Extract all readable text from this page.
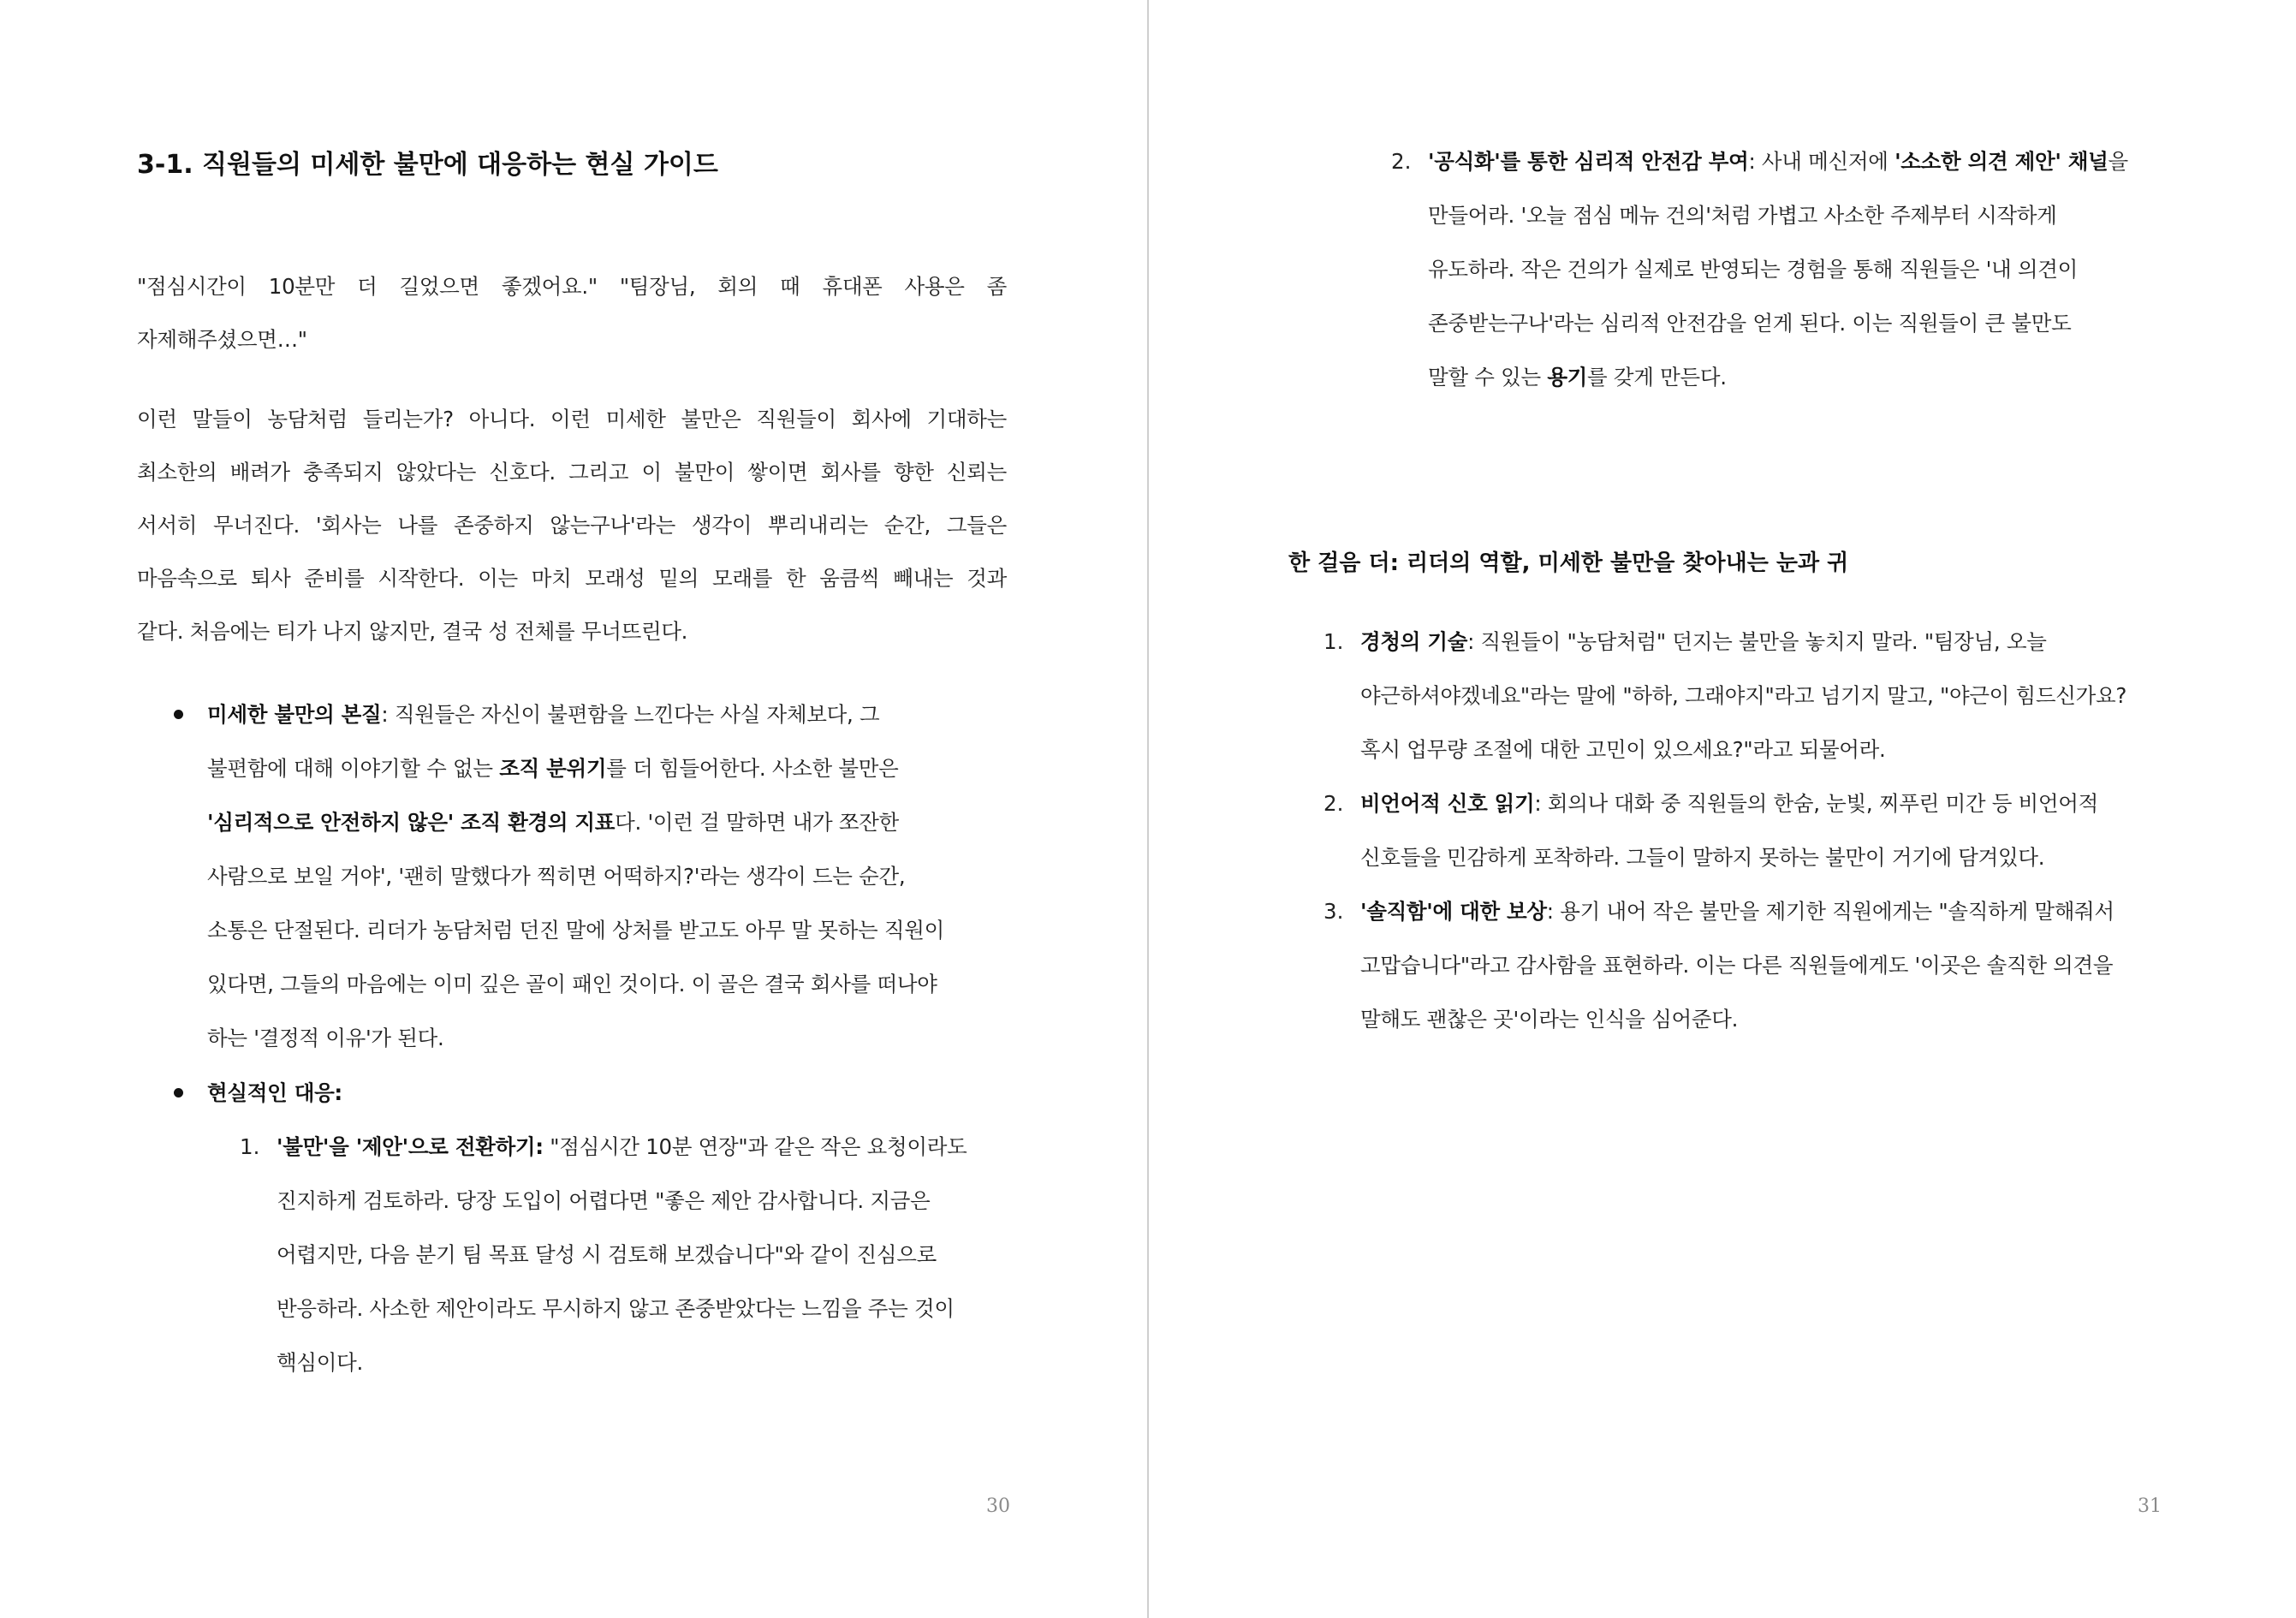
3-1. 직원들의 미세한 불만에 대응하는 현실 가이드
"점심시간이 10분만 더 길었으면 좋겠어요." "팀장님, 회의 때 휴대폰 사용은 좀
자제해주셨으면…"
이런 말들이 농담처럼 들리는가? 아니다. 이런 미세한 불만은 직원들이 회사에 기대하는
최소한의 배려가 충족되지 않았다는 신호다. 그리고 이 불만이 쌓이면 회사를 향한 신뢰는
서서히 무너진다. '회사는 나를 존중하지 않는구나'라는 생각이 뿌리내리는 순간, 그들은
마음속으로 퇴사 준비를 시작한다. 이는 마치 모래성 밑의 모래를 한 움큼씩 빼내는 것과
같다. 처음에는 티가 나지 않지만, 결국 성 전체를 무너뜨린다.
미세한 불만의 본질: 직원들은 자신이 불편함을 느낀다는 사실 자체보다, 그
불편함에 대해 이야기할 수 없는 조직 분위기를 더 힘들어한다. 사소한 불만은
'심리적으로 안전하지 않은' 조직 환경의 지표다. '이런 걸 말하면 내가 쪼잔한
사람으로 보일 거야', '괜히 말했다가 찍히면 어떡하지?'라는 생각이 드는 순간,
소통은 단절된다. 리더가 농담처럼 던진 말에 상처를 받고도 아무 말 못하는 직원이
있다면, 그들의 마음에는 이미 깊은 골이 패인 것이다. 이 골은 결국 회사를 떠나야
하는 '결정적 이유'가 된다.
현실적인 대응:
1. '불만'을 '제안'으로 전환하기: "점심시간 10분 연장"과 같은 작은 요청이라도
진지하게 검토하라. 당장 도입이 어렵다면 "좋은 제안 감사합니다. 지금은
어렵지만, 다음 분기 팀 목표 달성 시 검토해 보겠습니다"와 같이 진심으로
반응하라. 사소한 제안이라도 무시하지 않고 존중받았다는 느낌을 주는 것이
핵심이다.
30
2. '공식화'를 통한 심리적 안전감 부여: 사내 메신저에 '소소한 의견 제안' 채널을
만들어라. '오늘 점심 메뉴 건의'처럼 가볍고 사소한 주제부터 시작하게
유도하라. 작은 건의가 실제로 반영되는 경험을 통해 직원들은 '내 의견이
존중받는구나'라는 심리적 안전감을 얻게 된다. 이는 직원들이 큰 불만도
말할 수 있는 용기를 갖게 만든다.
한 걸음 더: 리더의 역할, 미세한 불만을 찾아내는 눈과 귀
1. 경청의 기술: 직원들이 "농담처럼" 던지는 불만을 놓치지 말라. "팀장님, 오늘
야근하셔야겠네요"라는 말에 "하하, 그래야지"라고 넘기지 말고, "야근이 힘드신가요?
혹시 업무량 조절에 대한 고민이 있으세요?"라고 되물어라.
2. 비언어적 신호 읽기: 회의나 대화 중 직원들의 한숨, 눈빛, 찌푸린 미간 등 비언어적
신호들을 민감하게 포착하라. 그들이 말하지 못하는 불만이 거기에 담겨있다.
3. '솔직함'에 대한 보상: 용기 내어 작은 불만을 제기한 직원에게는 "솔직하게 말해줘서
고맙습니다"라고 감사함을 표현하라. 이는 다른 직원들에게도 '이곳은 솔직한 의견을
말해도 괜찮은 곳'이라는 인식을 심어준다.
31
